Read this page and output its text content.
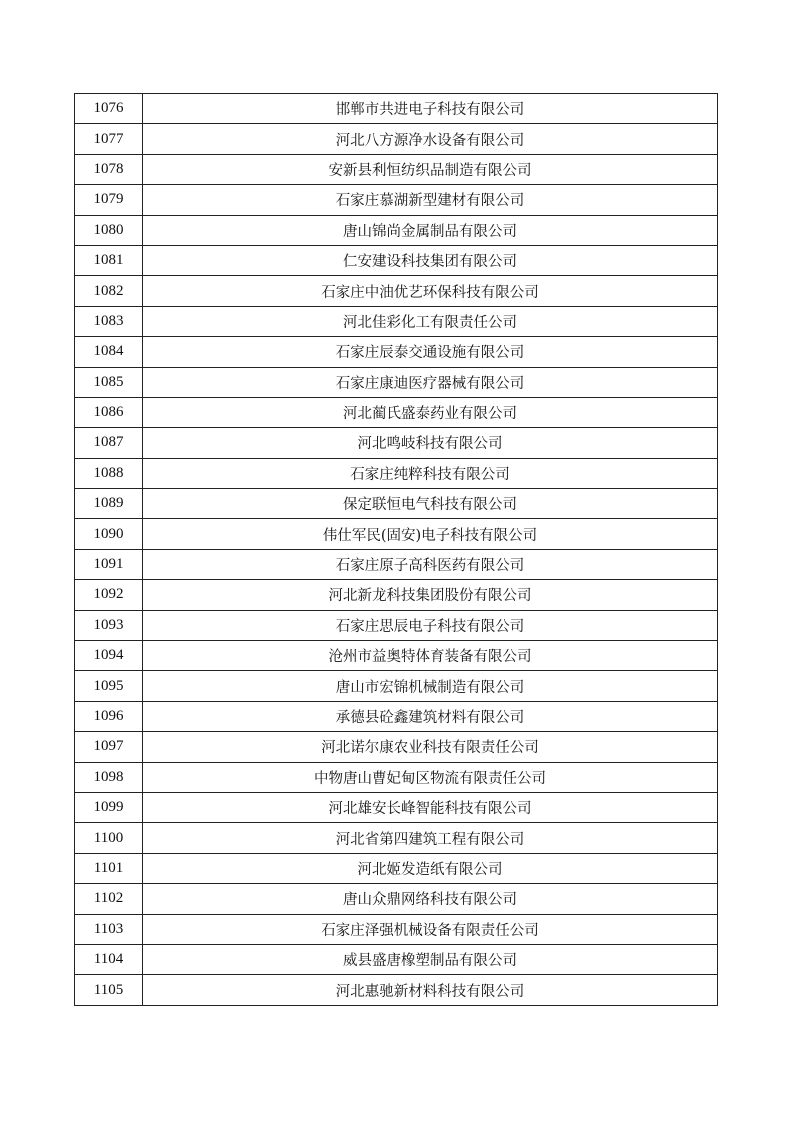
1076	邯郸市共进电子科技有限公司
1077	河北八方源净水设备有限公司
1078	安新县利恒纺织品制造有限公司
1079	石家庄慕湖新型建材有限公司
1080	唐山锦尚金属制品有限公司
1081	仁安建设科技集团有限公司
1082	石家庄中油优艺环保科技有限公司
1083	河北佳彩化工有限责任公司
1084	石家庄辰泰交通设施有限公司
1085	石家庄康迪医疗器械有限公司
1086	河北蔺氏盛泰药业有限公司
1087	河北鸣岐科技有限公司
1088	石家庄纯粹科技有限公司
1089	保定联恒电气科技有限公司
1090	伟仕军民(固安)电子科技有限公司
1091	石家庄原子高科医药有限公司
1092	河北新龙科技集团股份有限公司
1093	石家庄思辰电子科技有限公司
1094	沧州市益奥特体育装备有限公司
1095	唐山市宏锦机械制造有限公司
1096	承德县砼鑫建筑材料有限公司
1097	河北诺尔康农业科技有限责任公司
1098	中物唐山曹妃甸区物流有限责任公司
1099	河北雄安长峰智能科技有限公司
1100	河北省第四建筑工程有限公司
1101	河北姬发造纸有限公司
1102	唐山众鼎网络科技有限公司
1103	石家庄泽强机械设备有限责任公司
1104	威县盛唐橡塑制品有限公司
1105	河北惠驰新材料科技有限公司
